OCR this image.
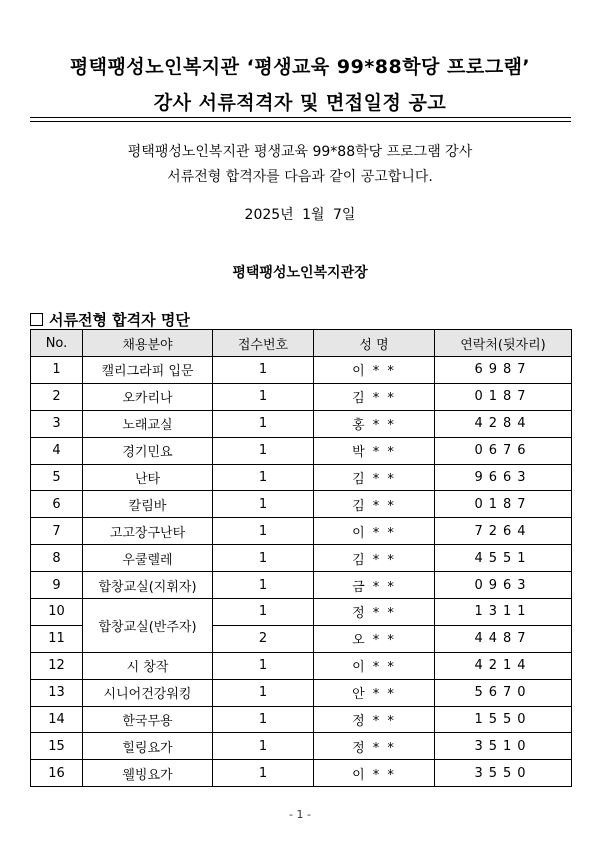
평택팽성노인복지관 ‘평생교육 99*88학당 프로그램’
강사 서류적격자 및 면접일정 공고
평택팽성노인복지관 평생교육 99*88학당 프로그램 강사
서류전형 합격자를 다음과 같이 공고합니다.
2025년 1월 7일
평택팽성노인복지관장
서류전형 합격자 명단
No.	채용분야	접수번호	성 명	연락처(뒷자리)
1	캘리그라피 입문	1	이 * *	6987
2	오카리나	1	김 * *	0187
3	노래교실	1	홍 * *	4284
4	경기민요	1	박 * *	0676
5	난타	1	김 * *	9663
6	칼림바	1	김 * *	0187
7	고고장구난타	1	이 * *	7264
8	우쿨렐레	1	김 * *	4551
9	합창교실(지휘자)	1	금 * *	0963
10	합창교실(반주자)	1	정 * *	1311
11		2	오 * *	4487
12	시 창작	1	이 * *	4214
13	시니어건강워킹	1	안 * *	5670
14	한국무용	1	정 * *	1550
15	힐링요가	1	정 * *	3510
16	웰빙요가	1	이 * *	3550
- 1 -
